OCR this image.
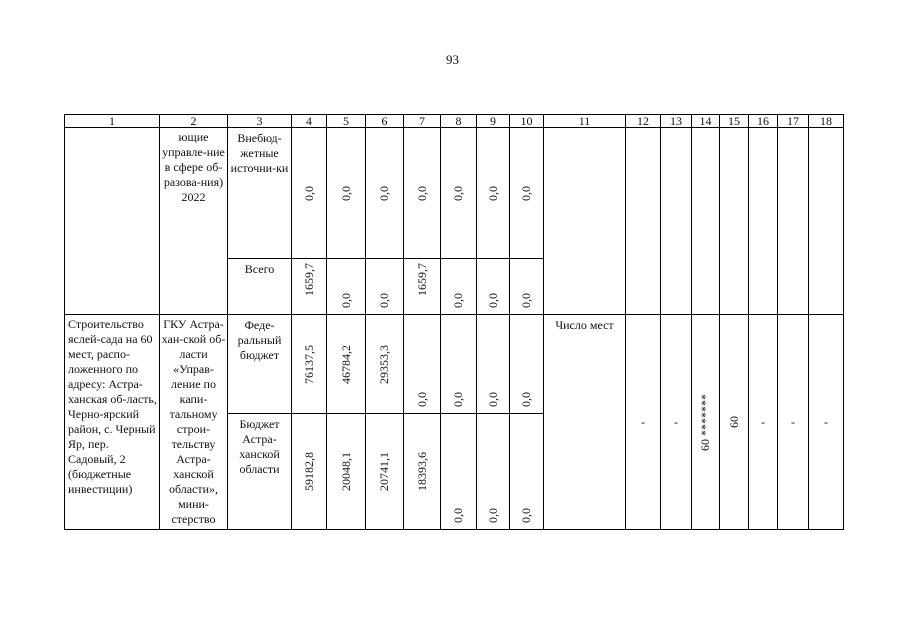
93
1	2	3	4	5	6	7	8	9	10	11	12	13	14	15	16	17	18
	ющие управле-ние в сфере об-разова-ния) 2022	Внебюд-жетные источни-ки	0,0	0,0	0,0	0,0	0,0	0,0	0,0								

		Всего	1659,7	0,0	0,0	1659,7	0,0	0,0	0,0								

Строительство яслей-сада на 60 мест, распо-ложенного по адресу: Астра-ханская об-ласть, Черно-ярский район, с. Черный Яр, пер. Садовый, 2 (бюджетные инвестиции)	ГКУ Астра-хан-ской об-ласти «Управ-ление по капи-тальному строи-тельству Астра-ханской области», мини-стерство	Феде-ральный бюджет	76137,5	46784,2	29353,3	0,0	0,0	0,0	0,0	Число мест	-	-	60 *******	60	-	-	-
		Бюджет Астра-ханской области	59182,8	20048,1	20741,1	18393,6	0,0	0,0	0,0								
